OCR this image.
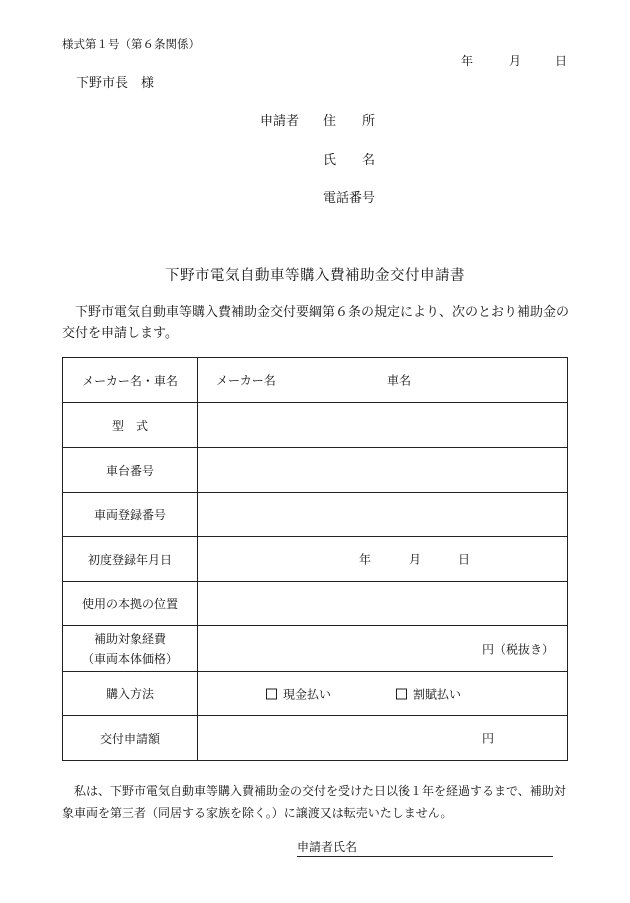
様式第１号（第６条関係）
年	月	日
下野市長　様
申請者 住　　所
氏　　名
電話番号
下野市電気自動車等購入費補助金交付申請書
下野市電気自動車等購入費補助金交付要綱第６条の規定により、次のとおり補助金の交付を申請します。
メーカー名・車名	メーカー名 車名

型　式	
車台番号	
車両登録番号	
初度登録年月日	年 月 日

使用の本拠の位置	

補助対象経費
（車両本体価格）	円（税抜き）

購入方法	現金払い 割賦払い

交付申請額	円
私は、下野市電気自動車等購入費補助金の交付を受けた日以後１年を経過するまで、補助対象車両を第三者（同居する家族を除く。）に譲渡又は転売いたしません。
申請者氏名
